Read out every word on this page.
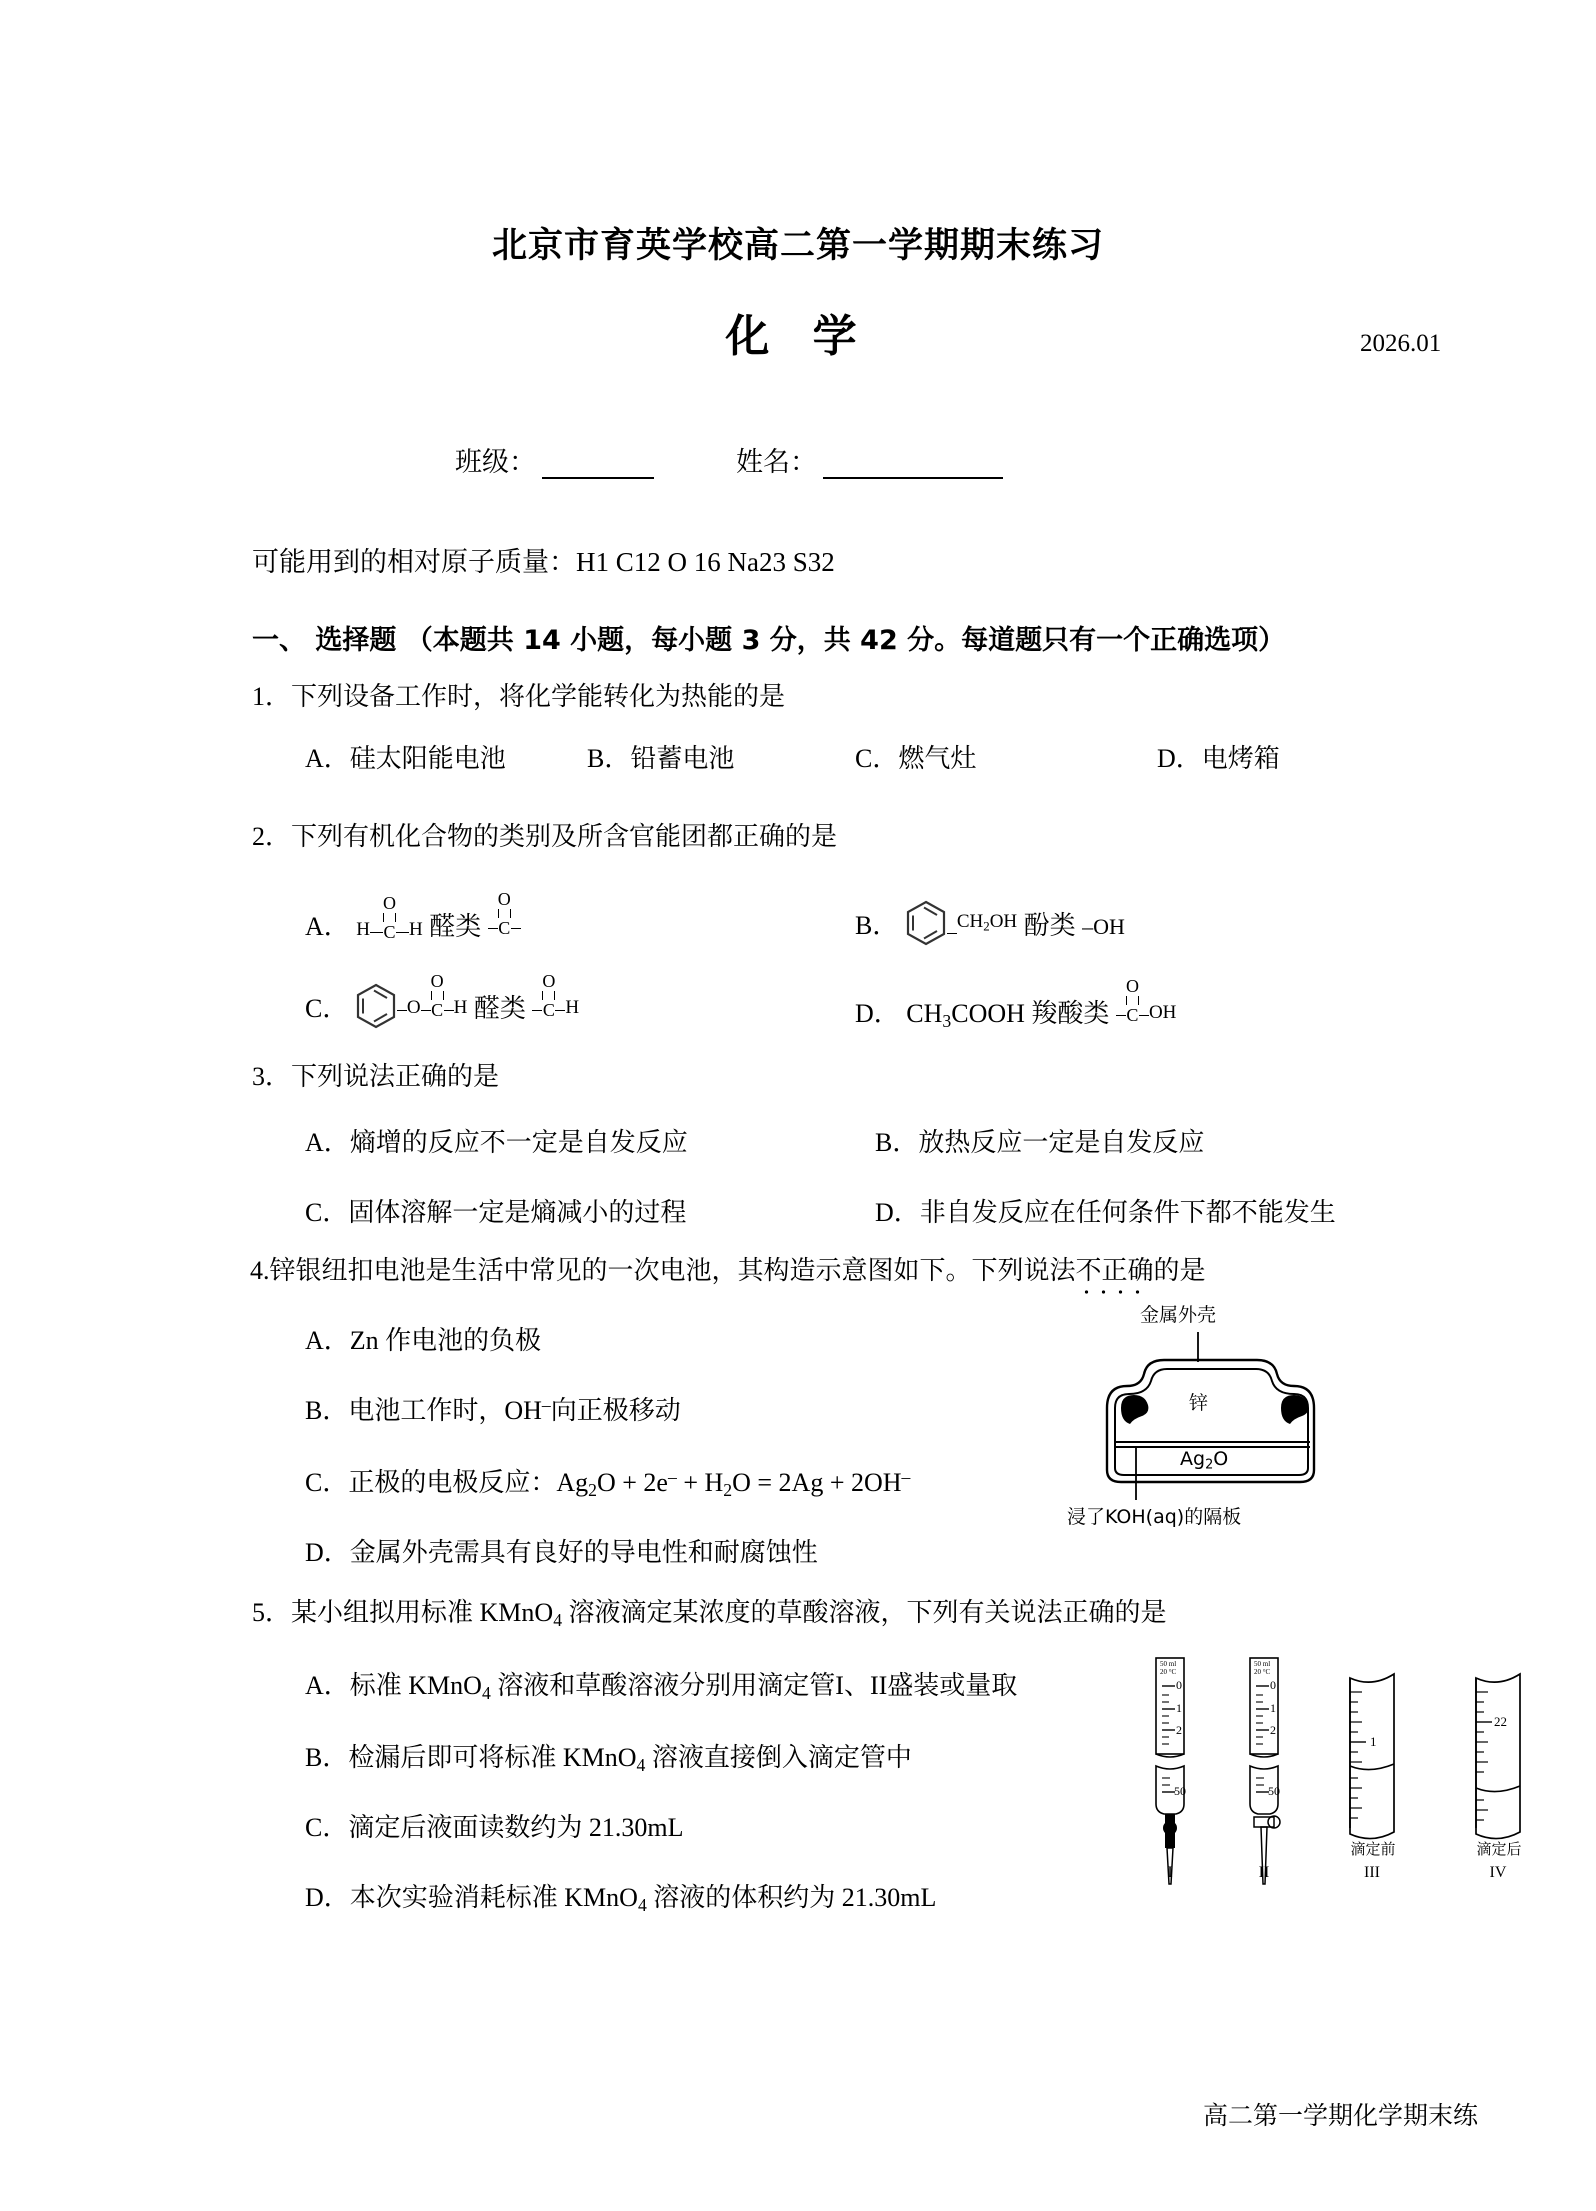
北京市育英学校高二第一学期期末练习
化 学	2026.01
班级：	姓名：
可能用到的相对原子质量：H1 C12 O 16 Na23 S32
一、 选择题 （本题共 14 小题，每小题 3 分，共 42 分。每道题只有一个正确选项）
1．下列设备工作时，将化学能转化为热能的是
A．硅太阳能电池	B．铅蓄电池	C．燃气灶	D．电烤箱
2．下列有机化合物的类别及所含官能团都正确的是
A． H
O
C H 醛类
O
C	B．	$CH_2OH$ 酚类 –OH
C．	O
O
C H 醛类
O
C H	D． $CH_3COOH$ 羧酸类
O
C OH
3．下列说法正确的是
A．熵增的反应不一定是自发反应	B．放热反应一定是自发反应
C．固体溶解一定是熵减小的过程	D．非自发反应在任何条件下都不能发生
4.锌银纽扣电池是生活中常见的一次电池，其构造示意图如下。下列说法不正确的是
A．Zn 作电池的负极
B．电池工作时，OH–向正极移动
C．正极的电极反应：$Ag_2O + 2e^- + H_2O = 2Ag + 2OH^-$
D．金属外壳需具有良好的导电性和耐腐蚀性
金属外壳
锌
$Ag_2O$
浸了KOH(aq)的隔板
5．某小组拟用标准 KMnO$_4$ 溶液滴定某浓度的草酸溶液，下列有关说法正确的是
A．标准 KMnO$_4$ 溶液和草酸溶液分别用滴定管I、II盛装或量取
B．检漏后即可将标准 KMnO$_4$ 溶液直接倒入滴定管中
C．滴定后液面读数约为 21.30mL
D．本次实验消耗标准 KMnO$_4$ 溶液的体积约为 21.30mL
50 ml
20 °C
0
1
2
50
50 ml
20 °C
0
1
2
50
1
22
滴定前	滴定后
I	II	III	IV
高二第一学期化学期末练
